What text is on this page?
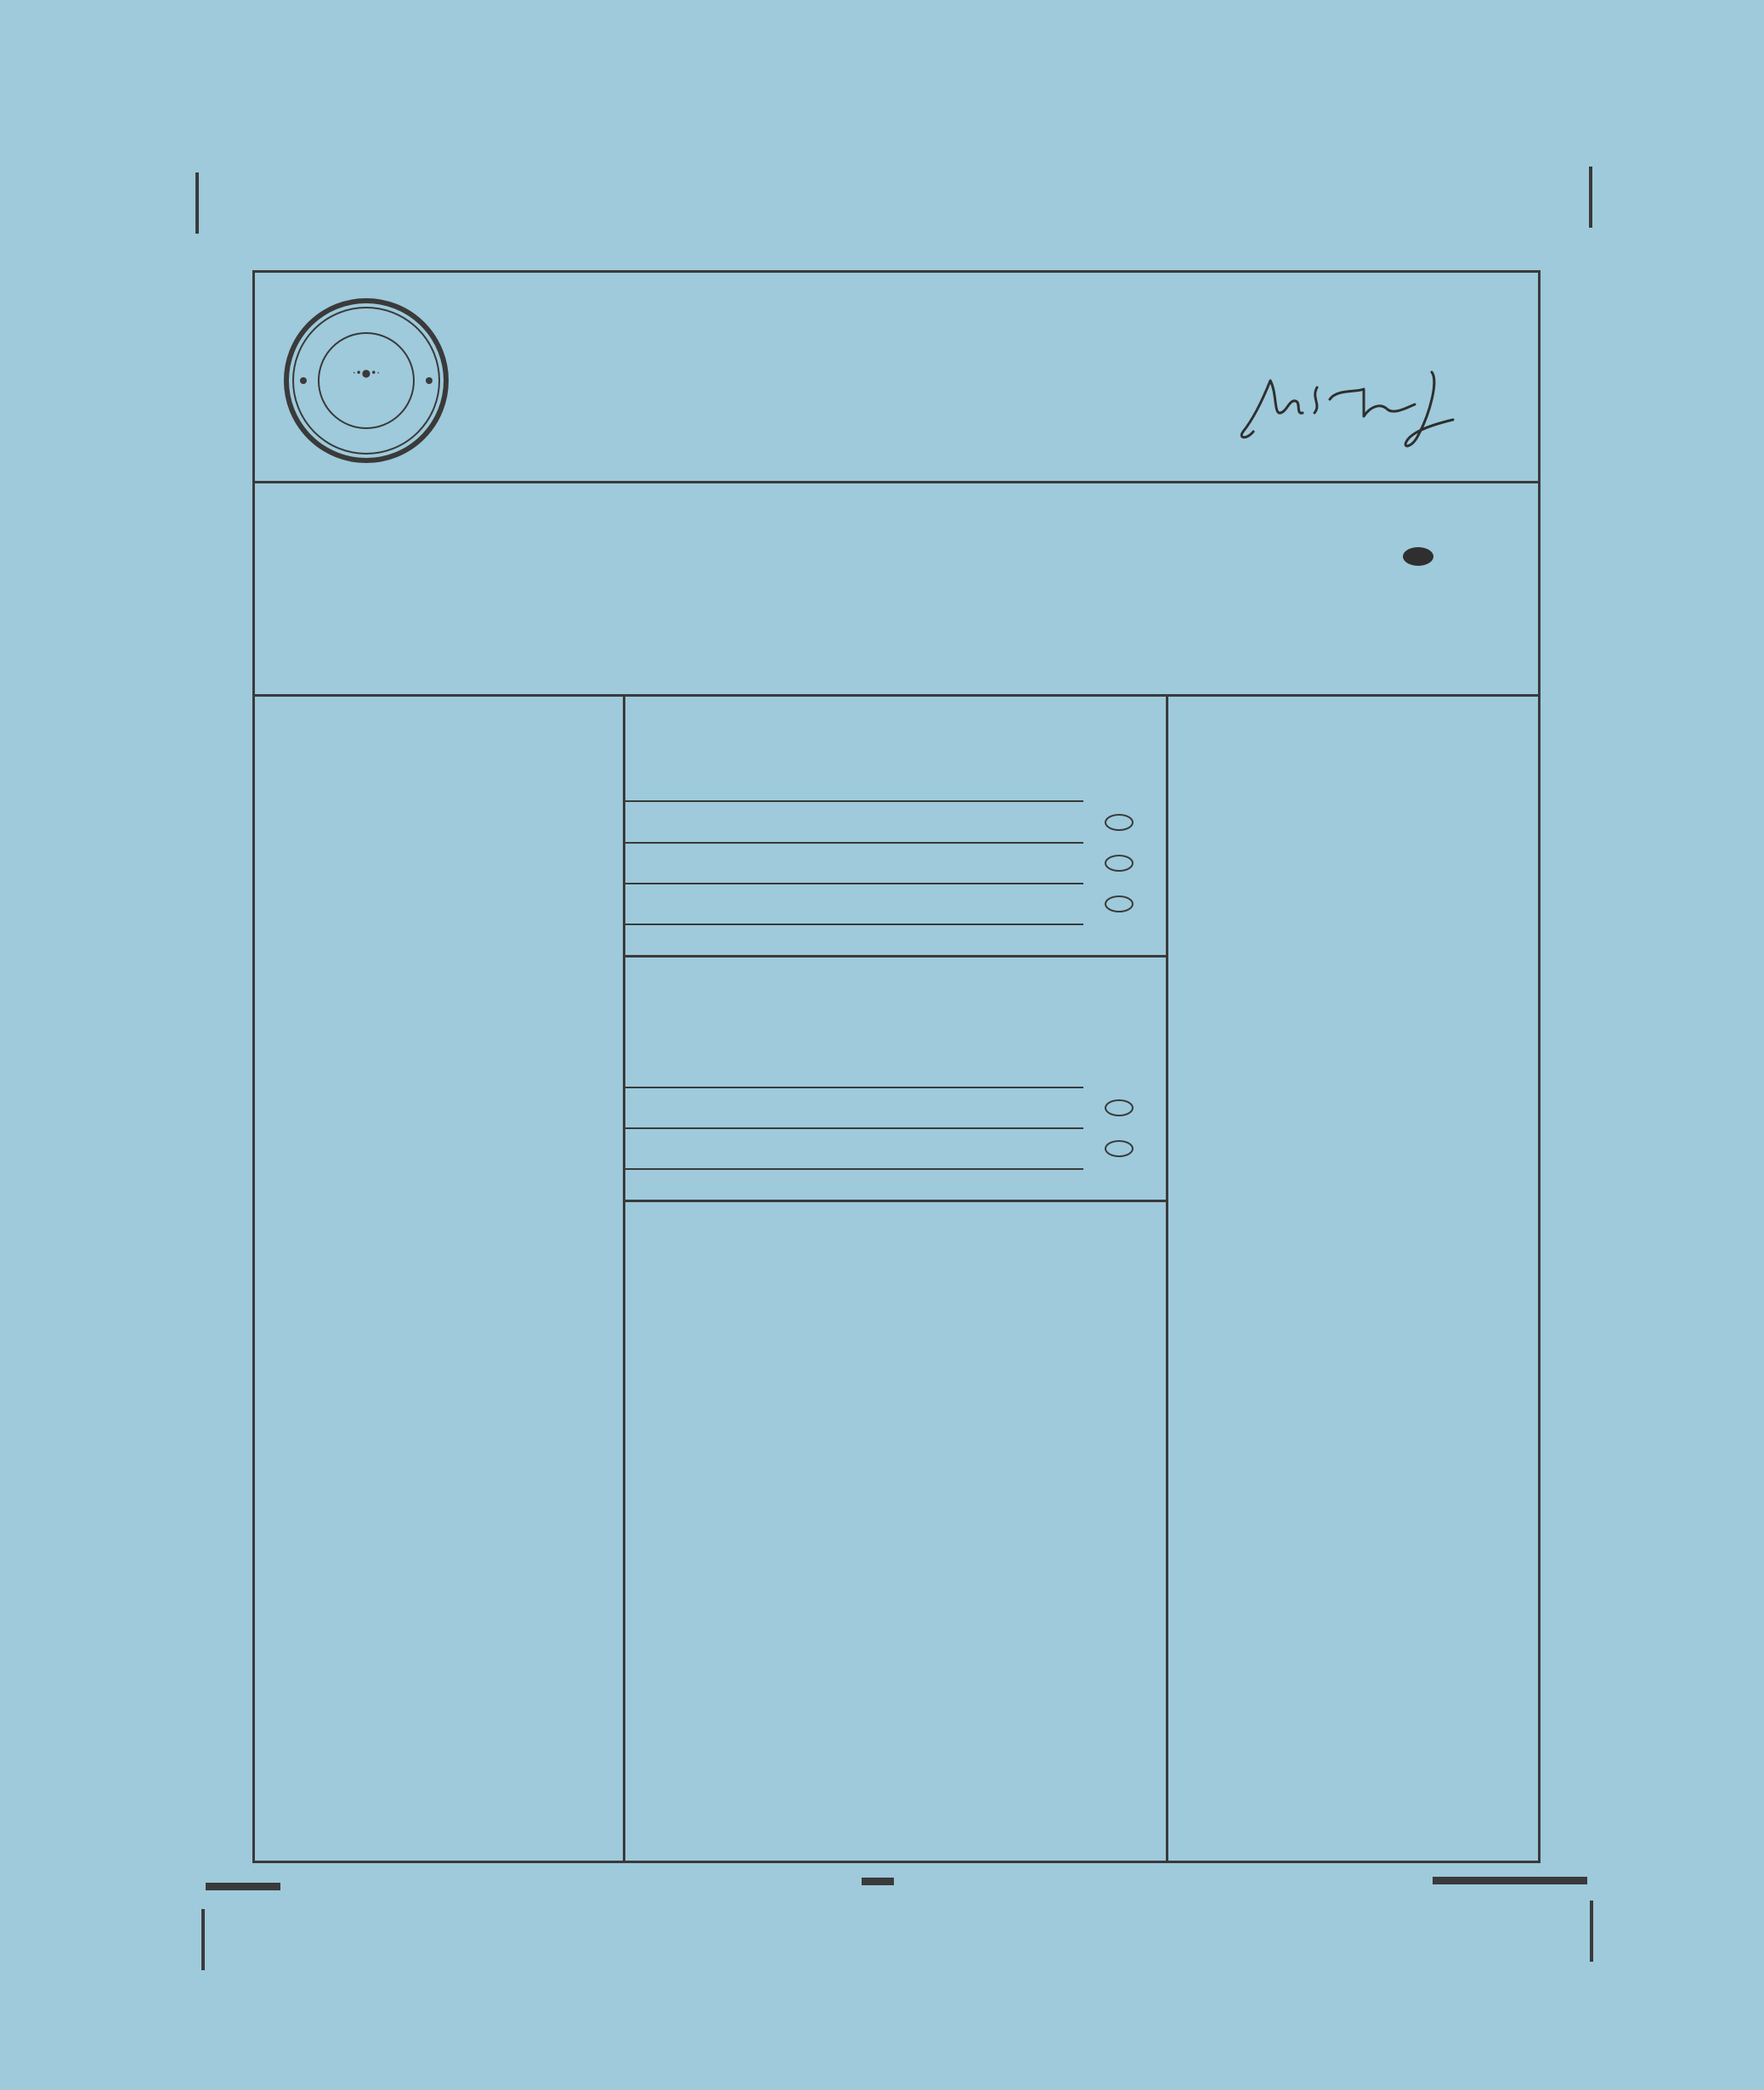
·•●•·
